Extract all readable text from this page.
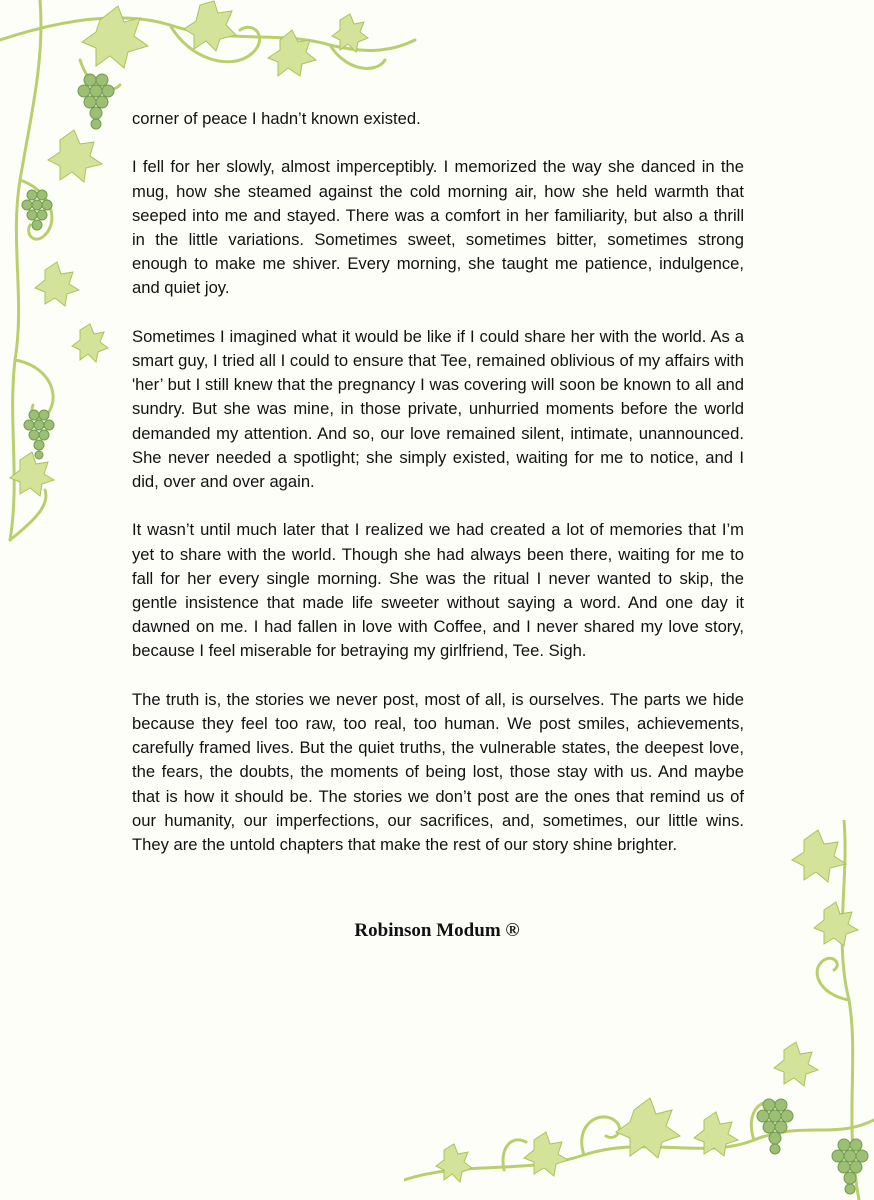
corner of peace I hadn’t known existed.

I fell for her slowly, almost imperceptibly. I memorized the way she danced in the mug, how she steamed against the cold morning air, how she held warmth that seeped into me and stayed. There was a comfort in her familiarity, but also a thrill in the little variations. Sometimes sweet, sometimes bitter, sometimes strong enough to make me shiver. Every morning, she taught me patience, indulgence, and quiet joy.

Sometimes I imagined what it would be like if I could share her with the world. As a smart guy, I tried all I could to ensure that Tee, remained oblivious of my affairs with 'her’ but I still knew that the pregnancy I was covering will soon be known to all and sundry. But she was mine, in those private, unhurried moments before the world demanded my attention. And so, our love remained silent, intimate, unannounced. She never needed a spotlight; she simply existed, waiting for me to notice, and I did, over and over again.

It wasn’t until much later that I realized we had created a lot of memories that I’m yet to share with the world. Though she had always been there, waiting for me to fall for her every single morning. She was the ritual I never wanted to skip, the gentle insistence that made life sweeter without saying a word. And one day it dawned on me. I had fallen in love with Coffee, and I never shared my love story, because I feel miserable for betraying my girlfriend, Tee. Sigh.

The truth is, the stories we never post, most of all, is ourselves. The parts we hide because they feel too raw, too real, too human. We post smiles, achievements, carefully framed lives. But the quiet truths, the vulnerable states, the deepest love, the fears, the doubts, the moments of being lost, those stay with us. And maybe that is how it should be. The stories we don’t post are the ones that remind us of our humanity, our imperfections, our sacrifices, and, sometimes, our little wins. They are the untold chapters that make the rest of our story shine brighter.

Robinson Modum ®
